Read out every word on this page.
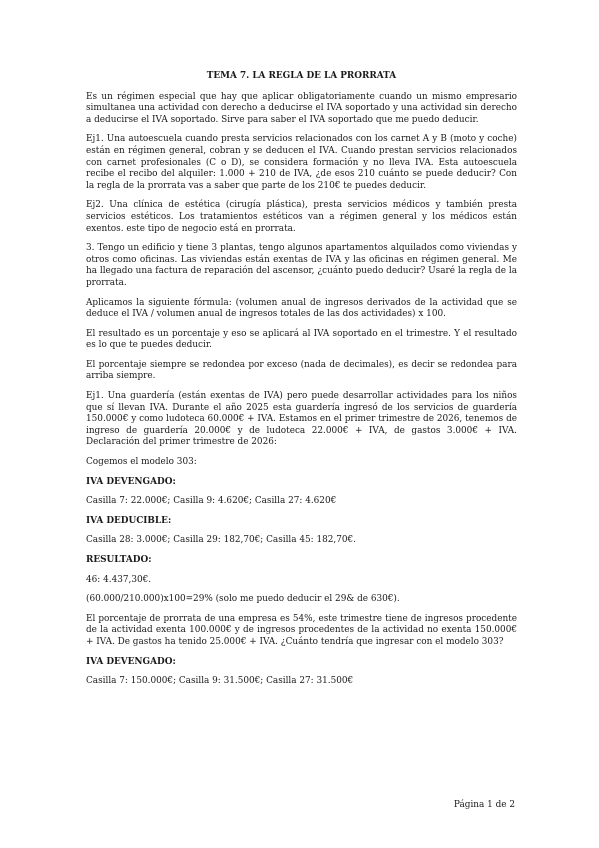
TEMA 7. LA REGLA DE LA PRORRATA

Es un régimen especial que hay que aplicar obligatoriamente cuando un mismo empresario simultanea una actividad con derecho a deducirse el IVA soportado y una actividad sin derecho a deducirse el IVA soportado. Sirve para saber el IVA soportado que me puedo deducir.

Ej1. Una autoescuela cuando presta servicios relacionados con los carnet A y B (moto y coche) están en régimen general, cobran y se deducen el IVA. Cuando prestan servicios relacionados con carnet profesionales (C o D), se considera formación y no lleva IVA. Esta autoescuela recibe el recibo del alquiler: 1.000 + 210 de IVA, ¿de esos 210 cuánto se puede deducir? Con la regla de la prorrata vas a saber que parte de los 210€ te puedes deducir.

Ej2. Una clínica de estética (cirugía plástica), presta servicios médicos y también presta servicios estéticos. Los tratamientos estéticos van a régimen general y los médicos están exentos. este tipo de negocio está en prorrata.

3. Tengo un edificio y tiene 3 plantas, tengo algunos apartamentos alquilados como viviendas y otros como oficinas. Las viviendas están exentas de IVA y las oficinas en régimen general. Me ha llegado una factura de reparación del ascensor, ¿cuánto puedo deducir? Usaré la regla de la prorrata.

Aplicamos la siguiente fórmula: (volumen anual de ingresos derivados de la actividad que se deduce el IVA / volumen anual de ingresos totales de las dos actividades) x 100.

El resultado es un porcentaje y eso se aplicará al IVA soportado en el trimestre. Y el resultado es lo que te puedes deducir.

El porcentaje siempre se redondea por exceso (nada de decimales), es decir se redondea para arriba siempre.

Ej1. Una guardería (están exentas de IVA) pero puede desarrollar actividades para los niños que sí llevan IVA. Durante el año 2025 esta guardería ingresó de los servicios de guardería 150.000€ y como ludoteca 60.000€ + IVA. Estamos en el primer trimestre de 2026, tenemos de ingreso de guardería 20.000€ y de ludoteca 22.000€ + IVA, de gastos 3.000€ + IVA. Declaración del primer trimestre de 2026:

Cogemos el modelo 303:
IVA DEVENGADO:
Casilla 7: 22.000€; Casilla 9: 4.620€; Casilla 27: 4.620€
IVA DEDUCIBLE:
Casilla 28: 3.000€; Casilla 29: 182,70€; Casilla 45: 182,70€.
RESULTADO:
46: 4.437,30€.
(60.000/210.000)x100=29% (solo me puedo deducir el 29& de 630€).

El porcentaje de prorrata de una empresa es 54%, este trimestre tiene de ingresos procedente de la actividad exenta 100.000€ y de ingresos procedentes de la actividad no exenta 150.000€ + IVA. De gastos ha tenido 25.000€ + IVA. ¿Cuánto tendría que ingresar con el modelo 303?

IVA DEVENGADO:
Casilla 7: 150.000€; Casilla 9: 31.500€; Casilla 27: 31.500€
Página 1 de 2
